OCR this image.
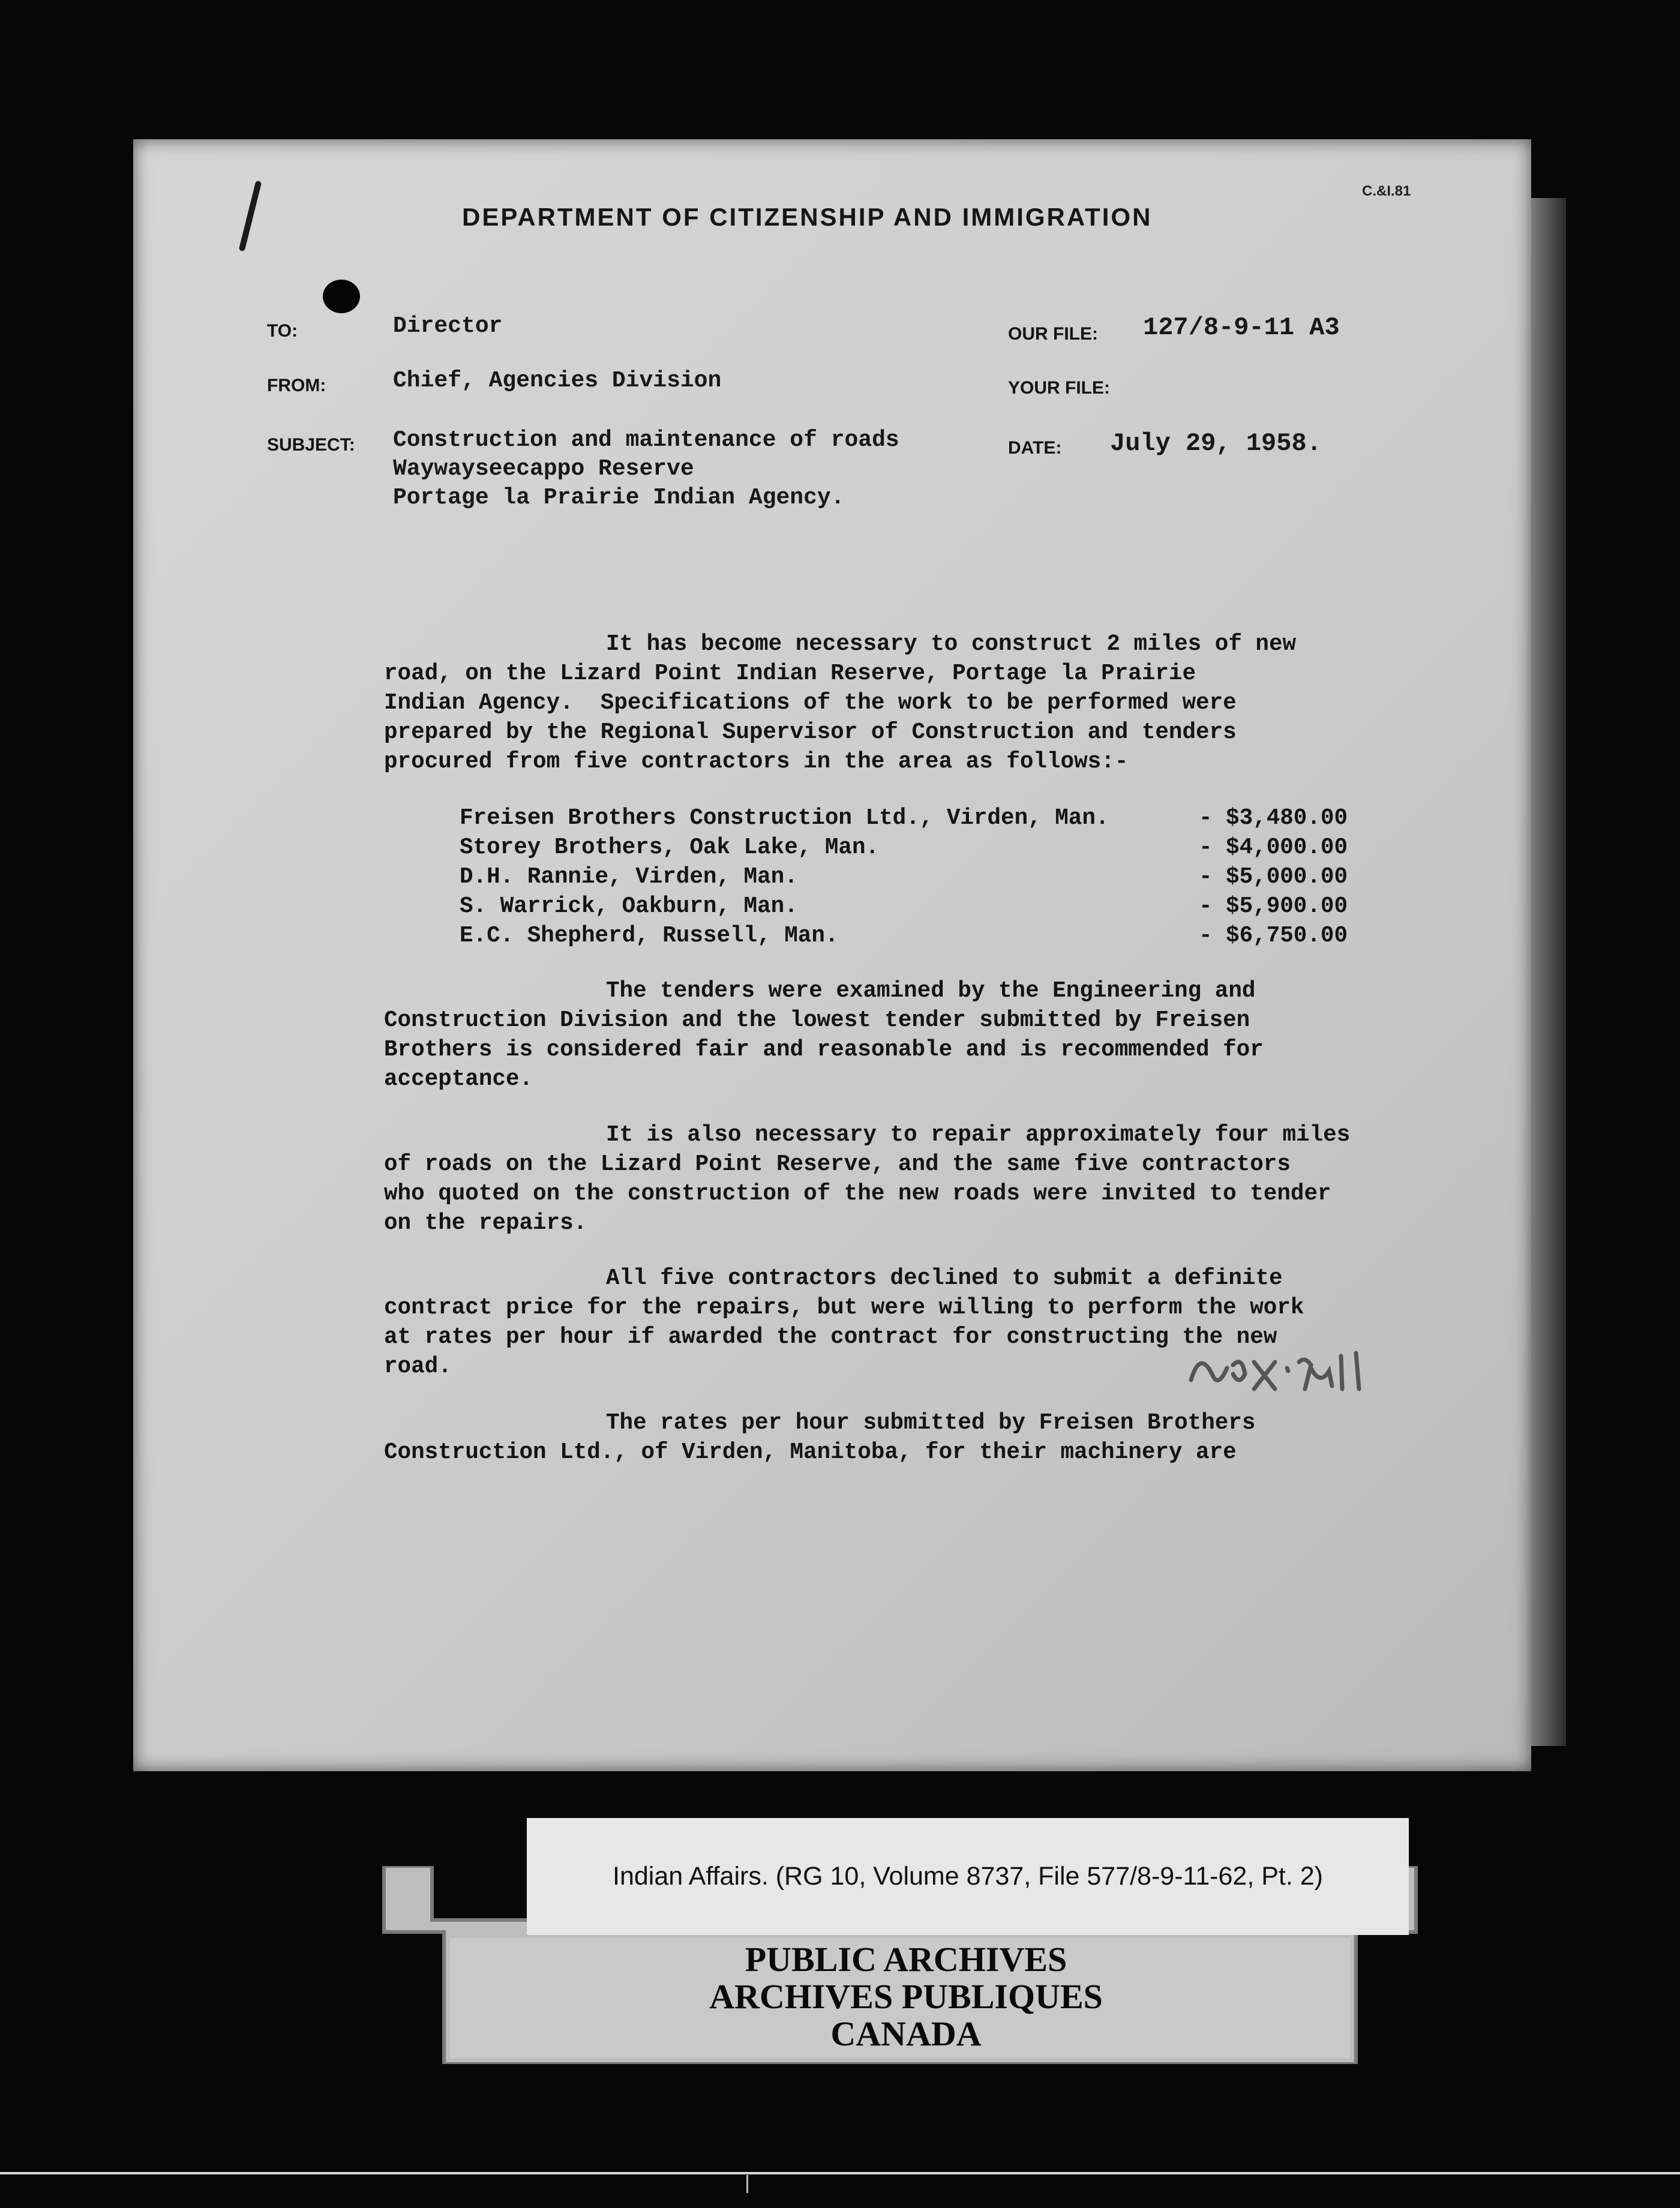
C.&I.81
DEPARTMENT OF CITIZENSHIP AND IMMIGRATION
TO:	Director
FROM:	Chief, Agencies Division
SUBJECT: Construction and maintenance of roads
Waywayseecappo Reserve
Portage la Prairie Indian Agency.
OUR FILE: 127/8-9-11 A3
YOUR FILE:
DATE: July 29, 1958.
It has become necessary to construct 2 miles of new
road, on the Lizard Point Indian Reserve, Portage la Prairie
Indian Agency.  Specifications of the work to be performed were
prepared by the Regional Supervisor of Construction and tenders
procured from five contractors in the area as follows:-
Freisen Brothers Construction Ltd., Virden, Man.	- $3,480.00
Storey Brothers, Oak Lake, Man.	- $4,000.00
D.H. Rannie, Virden, Man.	- $5,000.00
S. Warrick, Oakburn, Man.	- $5,900.00
E.C. Shepherd, Russell, Man.	- $6,750.00
The tenders were examined by the Engineering and
Construction Division and the lowest tender submitted by Freisen
Brothers is considered fair and reasonable and is recommended for
acceptance.
It is also necessary to repair approximately four miles
of roads on the Lizard Point Reserve, and the same five contractors
who quoted on the construction of the new roads were invited to tender
on the repairs.
All five contractors declined to submit a definite
contract price for the repairs, but were willing to perform the work
at rates per hour if awarded the contract for constructing the new
road.
The rates per hour submitted by Freisen Brothers
Construction Ltd., of Virden, Manitoba, for their machinery are
Indian Affairs. (RG 10, Volume 8737, File 577/8-9-11-62, Pt. 2)
PUBLIC ARCHIVES
ARCHIVES PUBLIQUES
CANADA
